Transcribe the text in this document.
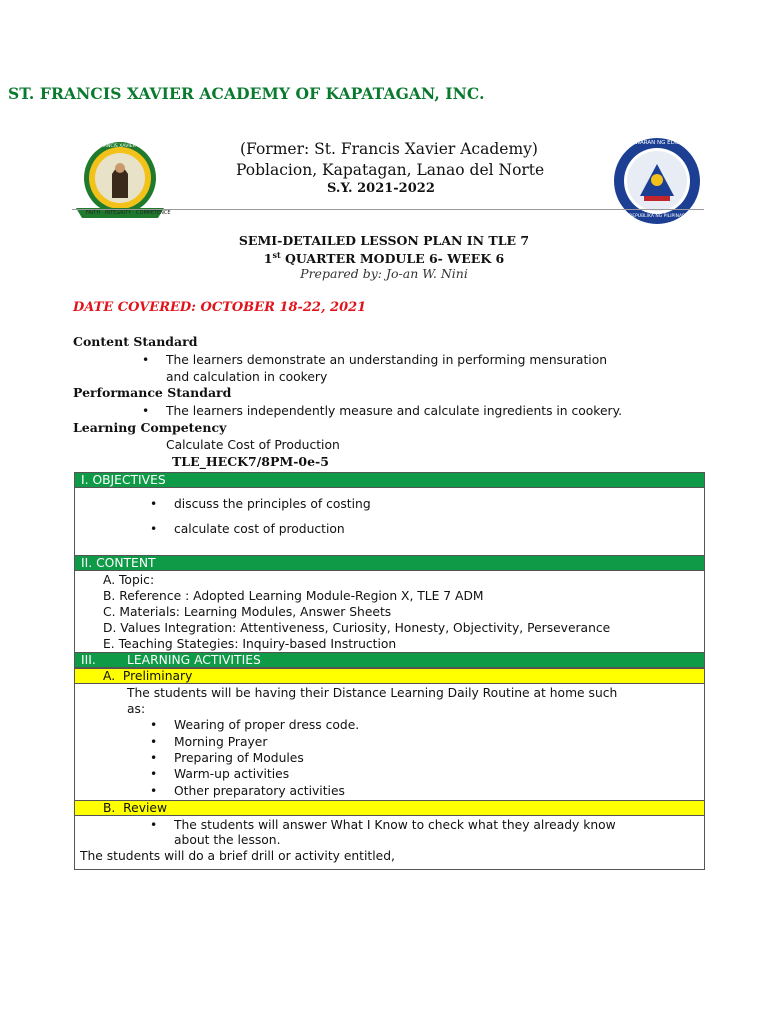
ST. FRANCIS XAVIER ACADEMY OF KAPATAGAN, INC.
FAITH · INTEGRITY · COMPETENCE
ST. FRANCIS XAVIER ACADEMY
KAGAWARAN NG EDUKASYON
REPUBLIKA NG PILIPINAS
(Former: St. Francis Xavier Academy)
Poblacion, Kapatagan, Lanao del Norte
S.Y. 2021-2022
SEMI-DETAILED LESSON PLAN IN TLE 7
1st QUARTER MODULE 6- WEEK 6
Prepared by: Jo-an W. Nini
DATE COVERED: OCTOBER 18-22, 2021
Content Standard
• The learners demonstrate an understanding in performing mensuration
and calculation in cookery
Performance Standard
• The learners independently measure and calculate ingredients in cookery.
Learning Competency
Calculate Cost of Production
TLE_HECK7/8PM-0e-5
I. OBJECTIVES
• discuss the principles of costing
• calculate cost of production
II. CONTENT
A. Topic:
B. Reference : Adopted Learning Module-Region X, TLE 7 ADM
C. Materials: Learning Modules, Answer Sheets
D. Values Integration: Attentiveness, Curiosity, Honesty, Objectivity, Perseverance
E. Teaching Stategies: Inquiry-based Instruction
III.        LEARNING ACTIVITIES
A.  Preliminary
The students will be having their Distance Learning Daily Routine at home such
as:
• Wearing of proper dress code.
• Morning Prayer
• Preparing of Modules
• Warm-up activities
• Other preparatory activities
B.  Review
• The students will answer What I Know to check what they already know
about the lesson.
The students will do a brief drill or activity entitled,
